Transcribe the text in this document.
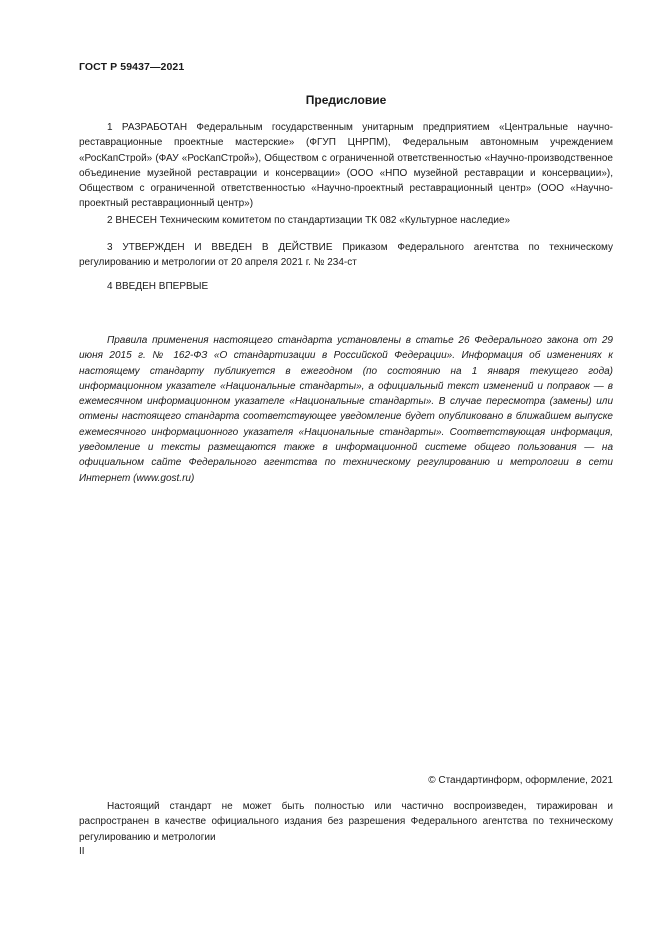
ГОСТ Р 59437—2021
Предисловие

1 РАЗРАБОТАН Федеральным государственным унитарным предприятием «Центральные научно-реставрационные проектные мастерские» (ФГУП ЦНРПМ), Федеральным автономным учреждением «РосКапСтрой» (ФАУ «РосКапСтрой»), Обществом с ограниченной ответственностью «Научно-производственное объединение музейной реставрации и консервации» (ООО «НПО музейной реставрации и консервации»), Обществом с ограниченной ответственностью «Научно-проектный реставрационный центр» (ООО «Научно-проектный реставрационный центр»)

2 ВНЕСЕН Техническим комитетом по стандартизации ТК 082 «Культурное наследие»

3 УТВЕРЖДЕН И ВВЕДЕН В ДЕЙСТВИЕ Приказом Федерального агентства по техническому регулированию и метрологии от 20 апреля 2021 г. № 234-ст

4 ВВЕДЕН ВПЕРВЫЕ

Правила применения настоящего стандарта установлены в статье 26 Федерального закона от 29 июня 2015 г. № 162-ФЗ «О стандартизации в Российской Федерации». Информация об изменениях к настоящему стандарту публикуется в ежегодном (по состоянию на 1 января текущего года) информационном указателе «Национальные стандарты», а официальный текст изменений и поправок — в ежемесячном информационном указателе «Национальные стандарты». В случае пересмотра (замены) или отмены настоящего стандарта соответствующее уведомление будет опубликовано в ближайшем выпуске ежемесячного информационного указателя «Национальные стандарты». Соответствующая информация, уведомление и тексты размещаются также в информационной системе общего пользования — на официальном сайте Федерального агентства по техническому регулированию и метрологии в сети Интернет (www.gost.ru)

© Стандартинформ, оформление, 2021

Настоящий стандарт не может быть полностью или частично воспроизведен, тиражирован и распространен в качестве официального издания без разрешения Федерального агентства по техническому регулированию и метрологии

II
